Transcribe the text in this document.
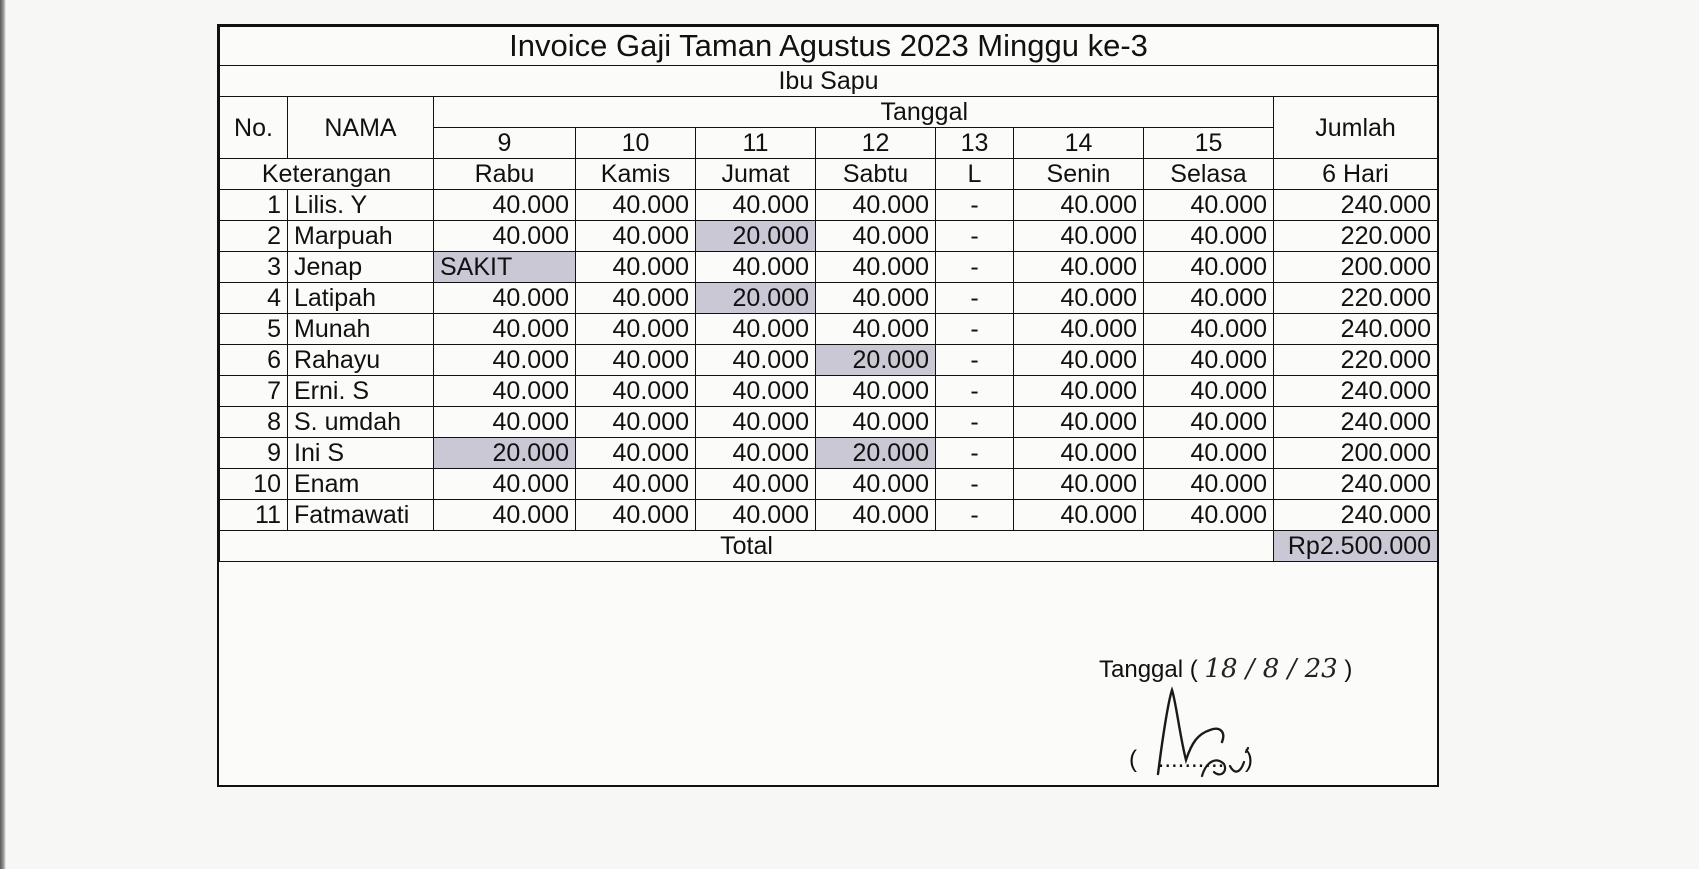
Invoice Gaji Taman Agustus 2023 Minggu ke-3									
Ibu Sapu									
No.	NAMA		Tanggal						Jumlah
		9	10	11	12	13	14	15	
Keterangan		Rabu	Kamis	Jumat	Sabtu	L	Senin	Selasa	6 Hari
1	Lilis. Y	40.000	40.000	40.000	40.000	-	40.000	40.000	240.000
2	Marpuah	40.000	40.000	20.000	40.000	-	40.000	40.000	220.000
3	Jenap	SAKIT	40.000	40.000	40.000	-	40.000	40.000	200.000
4	Latipah	40.000	40.000	20.000	40.000	-	40.000	40.000	220.000
5	Munah	40.000	40.000	40.000	40.000	-	40.000	40.000	240.000
6	Rahayu	40.000	40.000	40.000	20.000	-	40.000	40.000	220.000
7	Erni. S	40.000	40.000	40.000	40.000	-	40.000	40.000	240.000
8	S. umdah	40.000	40.000	40.000	40.000	-	40.000	40.000	240.000
9	Ini S	20.000	40.000	40.000	20.000	-	40.000	40.000	200.000
10	Enam	40.000	40.000	40.000	40.000	-	40.000	40.000	240.000
11	Fatmawati	40.000	40.000	40.000	40.000	-	40.000	40.000	240.000
Total									Rp2.500.000
Tanggal ( 18 / 8 / 23 )
( .......... )
